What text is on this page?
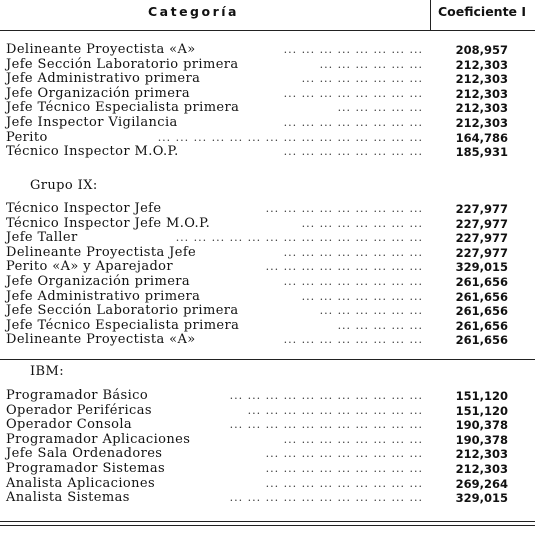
Categoría	Coeficiente I
Delineante Proyectista «A»	... ... ... ... ... ... ... ...	208,957
Jefe Sección Laboratorio primera	... ... ... ... ... ...	212,303
Jefe Administrativo primera	... ... ... ... ... ... ...	212,303
Jefe Organización primera	... ... ... ... ... ... ... ...	212,303
Jefe Técnico Especialista primera	... ... ... ... ...	212,303
Jefe Inspector Vigilancia	... ... ... ... ... ... ... ...	212,303
Perito	... ... ... ... ... ... ... ... ... ... ... ... ... ... ...	164,786
Técnico Inspector M.O.P.	... ... ... ... ... ... ... ...	185,931
Grupo IX:
Técnico Inspector Jefe	... ... ... ... ... ... ... ... ...	227,977
Técnico Inspector Jefe M.O.P.	... ... ... ... ... ... ...	227,977
Jefe Taller	... ... ... ... ... ... ... ... ... ... ... ... ... ...	227,977
Delineante Proyectista Jefe	... ... ... ... ... ... ... ...	227,977
Perito «A» y Aparejador	... ... ... ... ... ... ... ... ...	329,015
Jefe Organización primera	... ... ... ... ... ... ... ...	261,656
Jefe Administrativo primera	... ... ... ... ... ... ...	261,656
Jefe Sección Laboratorio primera	... ... ... ... ... ...	261,656
Jefe Técnico Especialista primera	... ... ... ... ...	261,656
Delineante Proyectista «A»	... ... ... ... ... ... ... ...	261,656
IBM:
Programador Básico	... ... ... ... ... ... ... ... ... ... ...	151,120
Operador Periféricas	... ... ... ... ... ... ... ... ... ...	151,120
Operador Consola	... ... ... ... ... ... ... ... ... ... ...	190,378
Programador Aplicaciones	... ... ... ... ... ... ... ...	190,378
Jefe Sala Ordenadores	... ... ... ... ... ... ... ... ...	212,303
Programador Sistemas	... ... ... ... ... ... ... ... ...	212,303
Analista Aplicaciones	... ... ... ... ... ... ... ... ...	269,264
Analista Sistemas	... ... ... ... ... ... ... ... ... ... ...	329,015
